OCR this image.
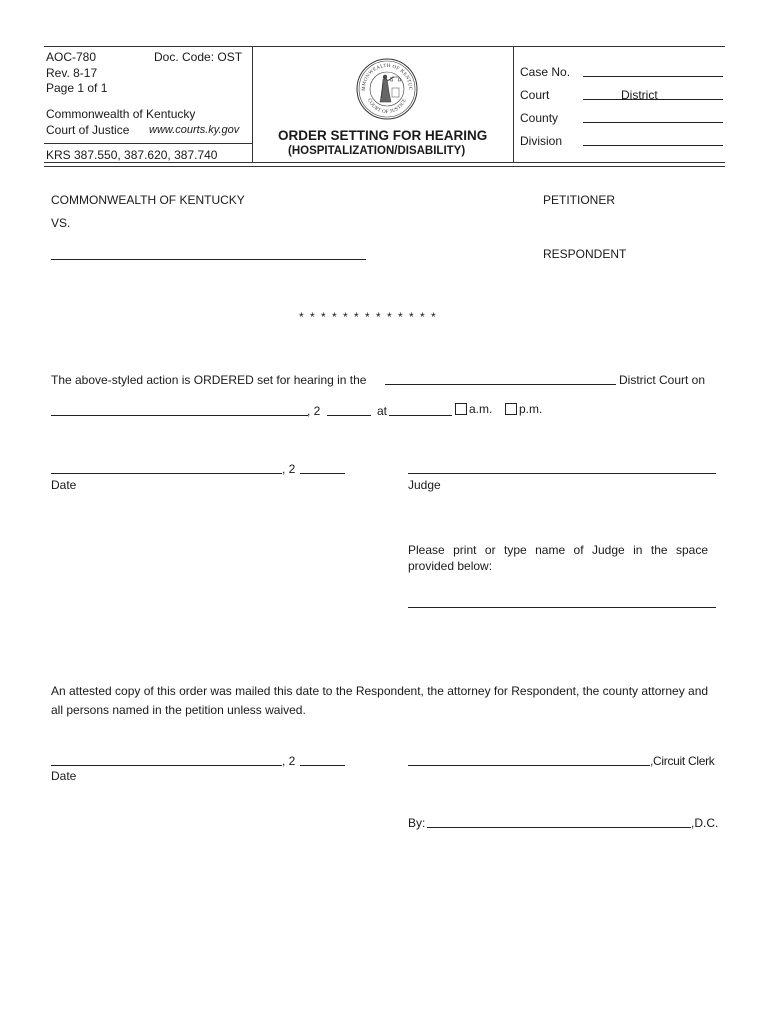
AOC-780	Doc. Code: OST
Rev. 8-17
Page 1 of 1
Commonwealth of Kentucky
Court of Justice www.courts.ky.gov
KRS 387.550, 387.620, 387.740
MMONWEALTH OF KENTUC
COURT OF JUSTICE
ORDER SETTING FOR HEARING
(HOSPITALIZATION/DISABILITY)
Case No.
Court	District
County
Division
COMMONWEALTH OF KENTUCKY	PETITIONER
VS.
RESPONDENT
* * * * * * * * * * * * *
The above-styled action is ORDERED set for hearing in the	District Court on
, 2	at	a.m.	p.m.
, 2
Date	Judge
Please print or type name of Judge in the space provided below:
An attested copy of this order was mailed this date to the Respondent, the attorney for Respondent, the county attorney and all persons named in the petition unless waived.
, 2
Date
,Circuit Clerk
By:	,D.C.
